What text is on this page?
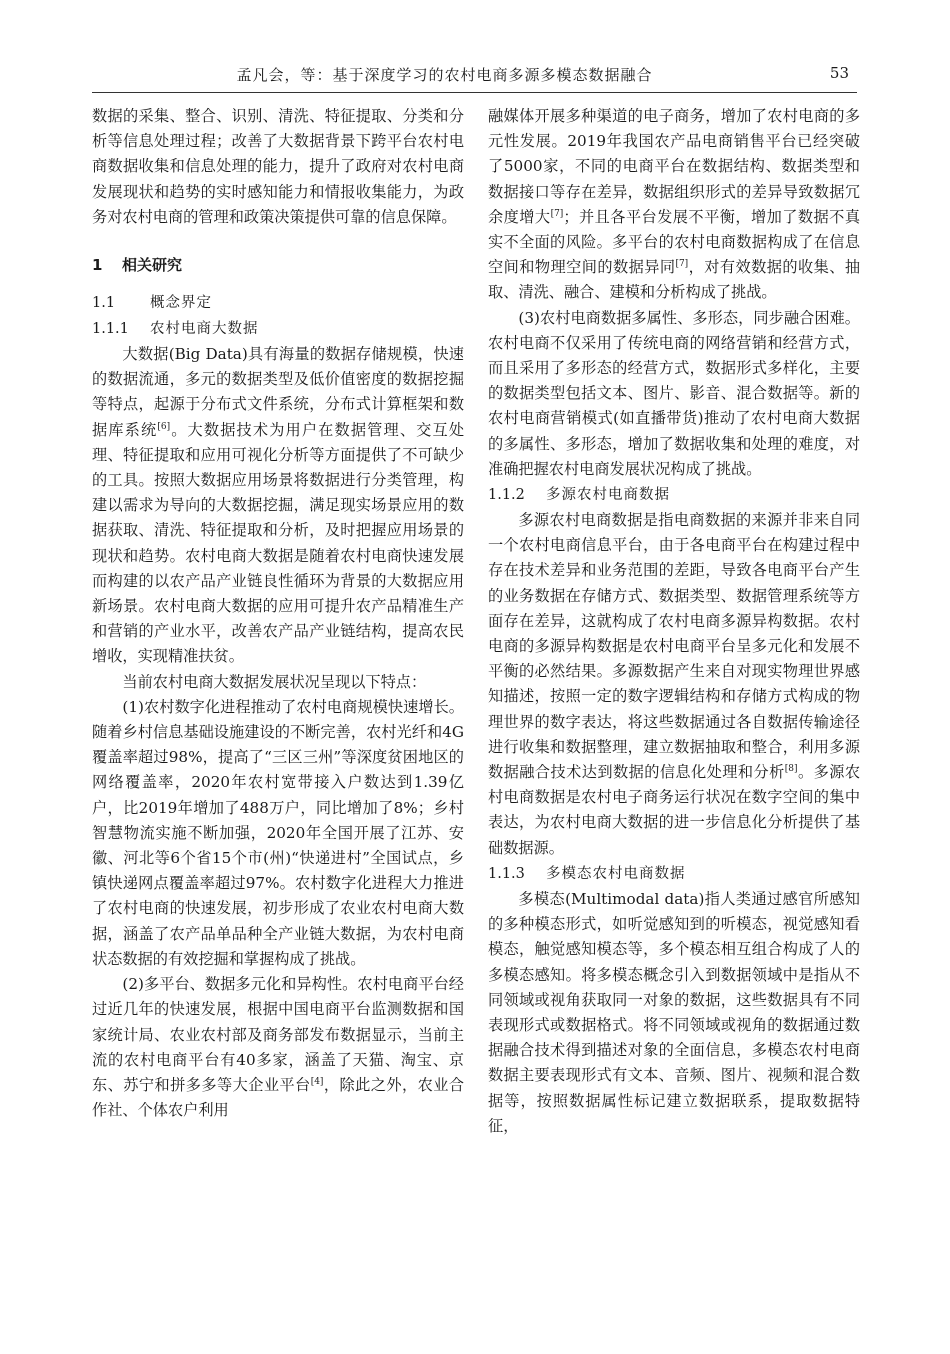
孟凡会，等：基于深度学习的农村电商多源多模态数据融合	53

数据的采集、整合、识别、清洗、特征提取、分类和分析等信息处理过程；改善了大数据背景下跨平台农村电商数据收集和信息处理的能力，提升了政府对农村电商发展现状和趋势的实时感知能力和情报收集能力，为政务对农村电商的管理和政策决策提供可靠的信息保障。

1 相关研究
1.1 概念界定
1.1.1 农村电商大数据

大数据(Big Data)具有海量的数据存储规模，快速的数据流通，多元的数据类型及低价值密度的数据挖掘等特点，起源于分布式文件系统，分布式计算框架和数据库系统[6]。大数据技术为用户在数据管理、交互处理、特征提取和应用可视化分析等方面提供了不可缺少的工具。按照大数据应用场景将数据进行分类管理，构建以需求为导向的大数据挖掘，满足现实场景应用的数据获取、清洗、特征提取和分析，及时把握应用场景的现状和趋势。农村电商大数据是随着农村电商快速发展而构建的以农产品产业链良性循环为背景的大数据应用新场景。农村电商大数据的应用可提升农产品精准生产和营销的产业水平，改善农产品产业链结构，提高农民增收，实现精准扶贫。

当前农村电商大数据发展状况呈现以下特点：

(1)农村数字化进程推动了农村电商规模快速增长。随着乡村信息基础设施建设的不断完善，农村光纤和4G覆盖率超过98%，提高了“三区三州”等深度贫困地区的网络覆盖率，2020年农村宽带接入户数达到1.39亿户，比2019年增加了488万户，同比增加了8%；乡村智慧物流实施不断加强，2020年全国开展了江苏、安徽、河北等6个省15个市(州)“快递进村”全国试点，乡镇快递网点覆盖率超过97%。农村数字化进程大力推进了农村电商的快速发展，初步形成了农业农村电商大数据，涵盖了农产品单品种全产业链大数据，为农村电商状态数据的有效挖掘和掌握构成了挑战。

(2)多平台、数据多元化和异构性。农村电商平台经过近几年的快速发展，根据中国电商平台监测数据和国家统计局、农业农村部及商务部发布数据显示，当前主流的农村电商平台有40多家，涵盖了天猫、淘宝、京东、苏宁和拼多多等大企业平台[4]，除此之外，农业合作社、个体农户利用

融媒体开展多种渠道的电子商务，增加了农村电商的多元性发展。2019年我国农产品电商销售平台已经突破了5000家，不同的电商平台在数据结构、数据类型和数据接口等存在差异，数据组织形式的差异导致数据冗余度增大[7]；并且各平台发展不平衡，增加了数据不真实不全面的风险。多平台的农村电商数据构成了在信息空间和物理空间的数据异同[7]，对有效数据的收集、抽取、清洗、融合、建模和分析构成了挑战。

(3)农村电商数据多属性、多形态，同步融合困难。农村电商不仅采用了传统电商的网络营销和经营方式，而且采用了多形态的经营方式，数据形式多样化，主要的数据类型包括文本、图片、影音、混合数据等。新的农村电商营销模式(如直播带货)推动了农村电商大数据的多属性、多形态，增加了数据收集和处理的难度，对准确把握农村电商发展状况构成了挑战。

1.1.2 多源农村电商数据

多源农村电商数据是指电商数据的来源并非来自同一个农村电商信息平台，由于各电商平台在构建过程中存在技术差异和业务范围的差距，导致各电商平台产生的业务数据在存储方式、数据类型、数据管理系统等方面存在差异，这就构成了农村电商多源异构数据。农村电商的多源异构数据是农村电商平台呈多元化和发展不平衡的必然结果。多源数据产生来自对现实物理世界感知描述，按照一定的数字逻辑结构和存储方式构成的物理世界的数字表达，将这些数据通过各自数据传输途径进行收集和数据整理，建立数据抽取和整合，利用多源数据融合技术达到数据的信息化处理和分析[8]。多源农村电商数据是农村电子商务运行状况在数字空间的集中表达，为农村电商大数据的进一步信息化分析提供了基础数据源。

1.1.3 多模态农村电商数据

多模态(Multimodal data)指人类通过感官所感知的多种模态形式，如听觉感知到的听模态，视觉感知看模态，触觉感知模态等，多个模态相互组合构成了人的多模态感知。将多模态概念引入到数据领域中是指从不同领域或视角获取同一对象的数据，这些数据具有不同表现形式或数据格式。将不同领域或视角的数据通过数据融合技术得到描述对象的全面信息，多模态农村电商数据主要表现形式有文本、音频、图片、视频和混合数据等，按照数据属性标记建立数据联系，提取数据特征，
